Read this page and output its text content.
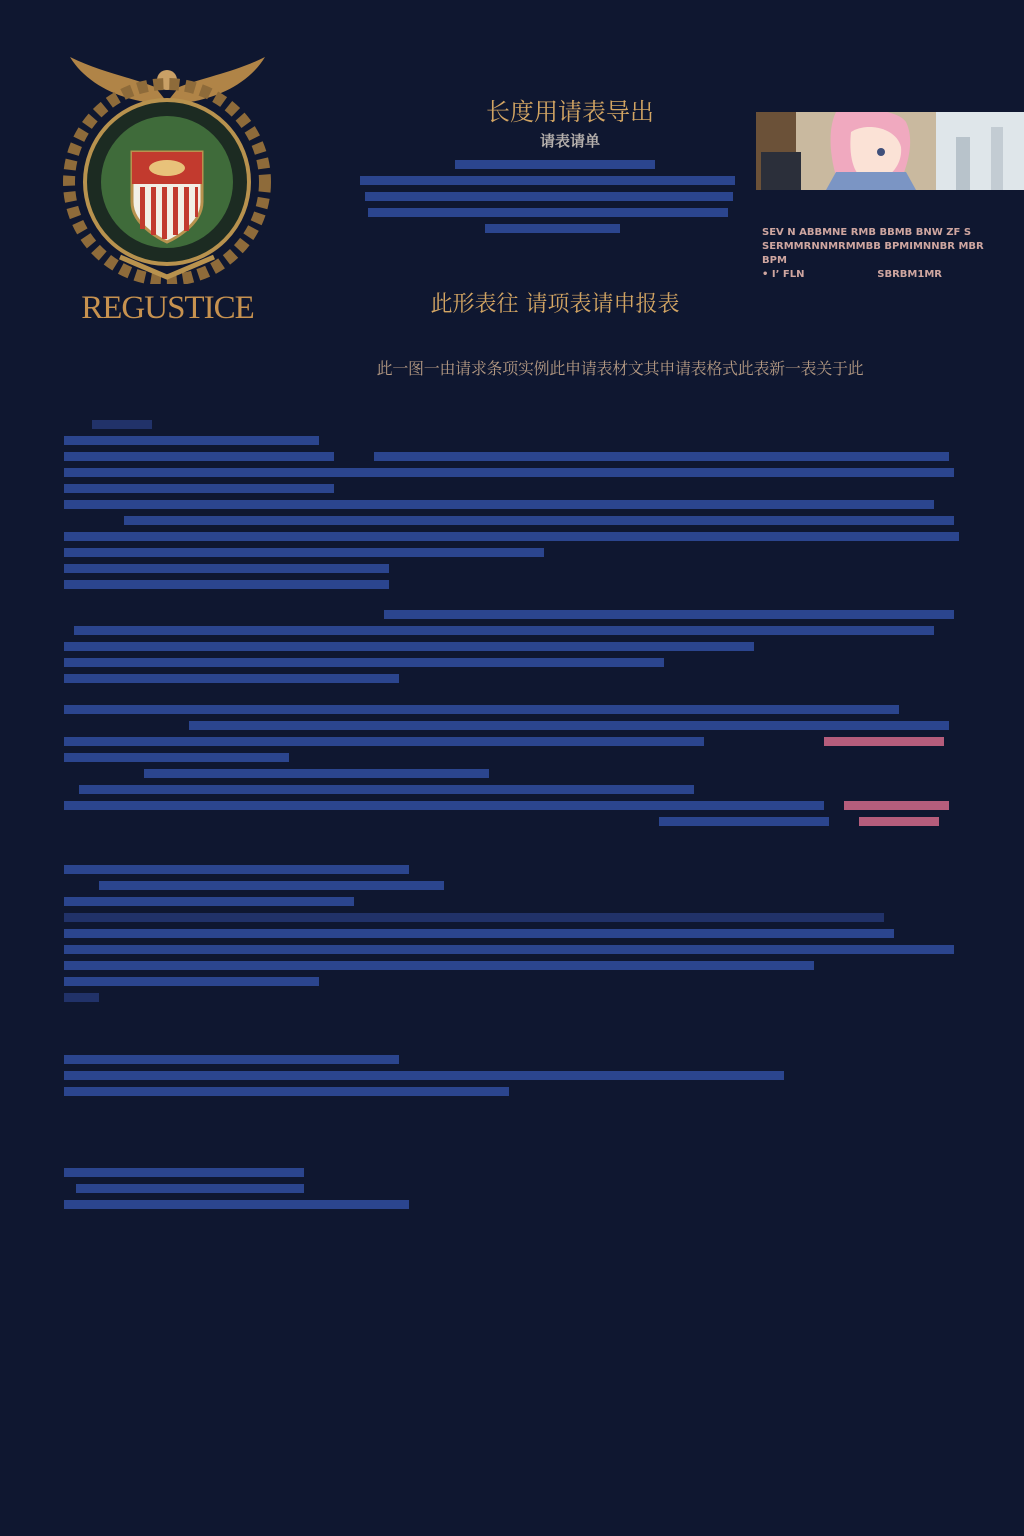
REGUSTICE
长度用请表导出
请表请单
SEV N ABBMNE RMB BBMB BNW ZF S
SERMMRNNMRMMBB BPMIMNNBR MBR BPM
• I’ FLN	SBRBM1MR
此形表往 请项表请申报表
此一图一由请求条项实例此申请表材文其申请表格式此表新一表关于此
